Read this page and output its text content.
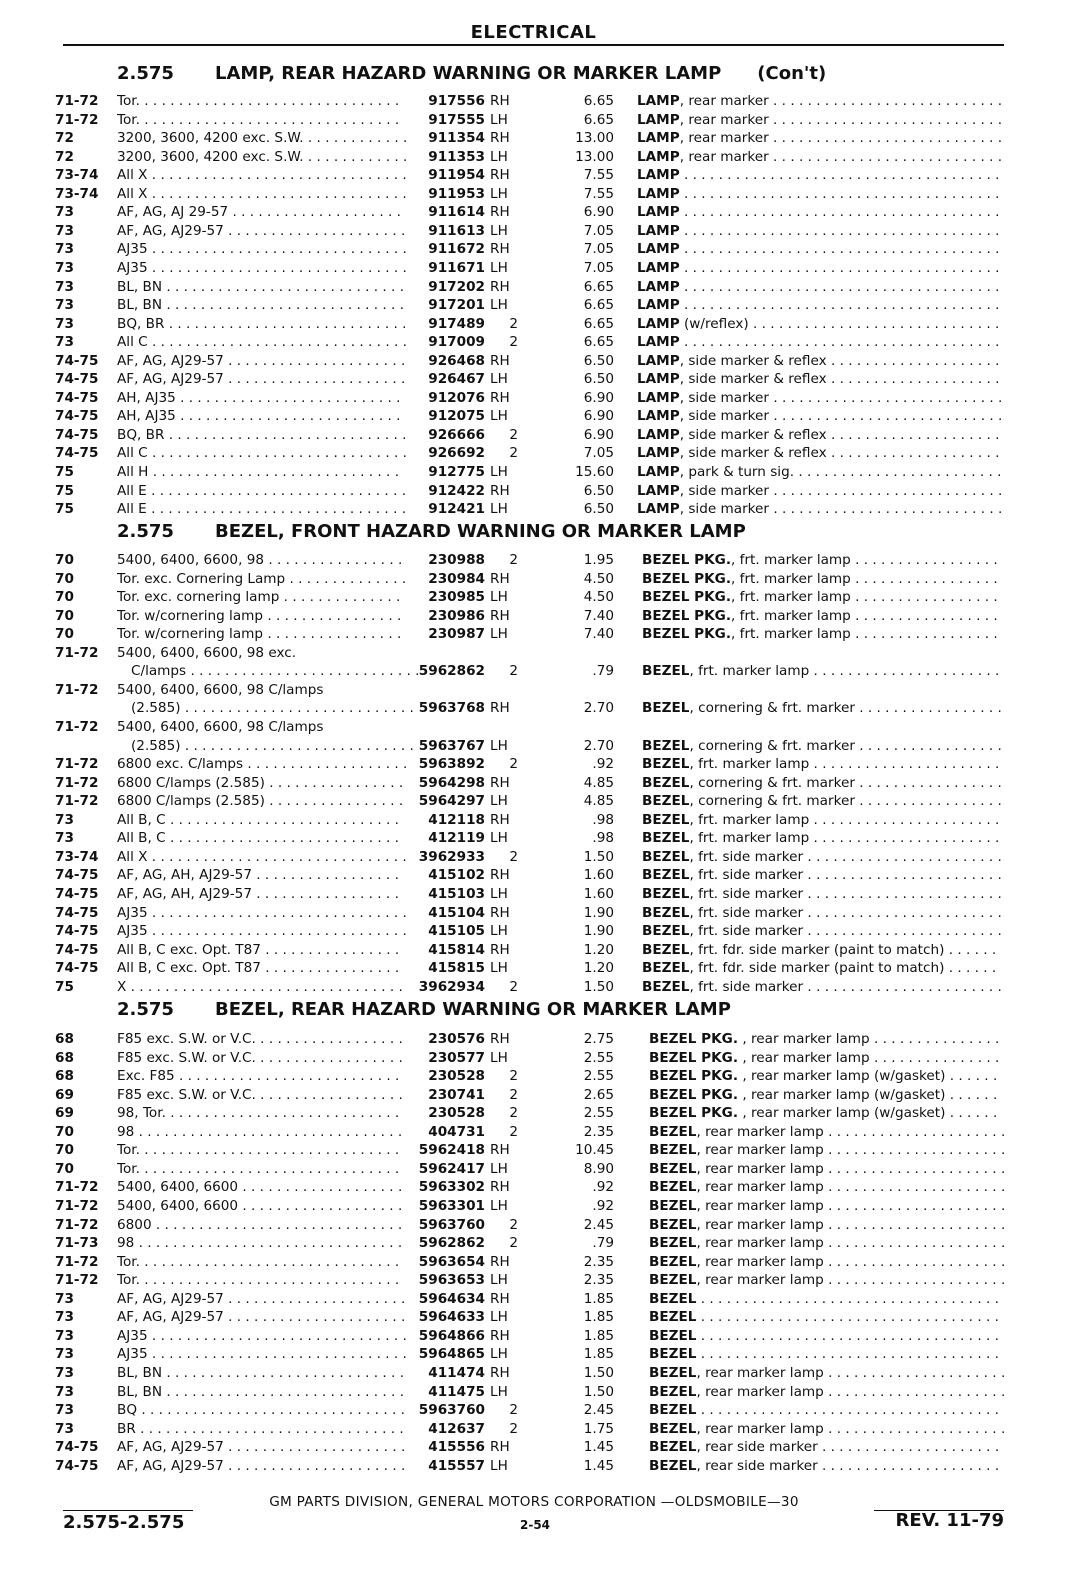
ELECTRICAL
2.575 LAMP, REAR HAZARD WARNING OR MARKER LAMP (Con't)
71-72 Tor. . . . . . . . . . . . . . . . . . . . . . . . . . . . . . .	917556 RH	6.65 LAMP, rear marker . . . . . . . . . . . . . . . . . . . . . . . . . . .
71-72 Tor. . . . . . . . . . . . . . . . . . . . . . . . . . . . . . .	917555 LH	6.65 LAMP, rear marker . . . . . . . . . . . . . . . . . . . . . . . . . . .
72	3200, 3600, 4200 exc. S.W. . . . . . . . . . . . .	911354 RH	13.00 LAMP, rear marker . . . . . . . . . . . . . . . . . . . . . . . . . . .
72	3200, 3600, 4200 exc. S.W. . . . . . . . . . . . .	911353 LH	13.00 LAMP, rear marker . . . . . . . . . . . . . . . . . . . . . . . . . . .
73-74 All X . . . . . . . . . . . . . . . . . . . . . . . . . . . . . .	911954 RH	7.55 LAMP . . . . . . . . . . . . . . . . . . . . . . . . . . . . . . . . . . . . .
73-74 All X . . . . . . . . . . . . . . . . . . . . . . . . . . . . . .	911953 LH	7.55 LAMP . . . . . . . . . . . . . . . . . . . . . . . . . . . . . . . . . . . . .
73	AF, AG, AJ 29-57 . . . . . . . . . . . . . . . . . . . .	911614 RH	6.90 LAMP . . . . . . . . . . . . . . . . . . . . . . . . . . . . . . . . . . . . .
73	AF, AG, AJ29-57 . . . . . . . . . . . . . . . . . . . . .	911613 LH	7.05 LAMP . . . . . . . . . . . . . . . . . . . . . . . . . . . . . . . . . . . . .
73	AJ35 . . . . . . . . . . . . . . . . . . . . . . . . . . . . . .	911672 RH	7.05 LAMP . . . . . . . . . . . . . . . . . . . . . . . . . . . . . . . . . . . . .
73	AJ35 . . . . . . . . . . . . . . . . . . . . . . . . . . . . . .	911671 LH	7.05 LAMP . . . . . . . . . . . . . . . . . . . . . . . . . . . . . . . . . . . . .
73	BL, BN . . . . . . . . . . . . . . . . . . . . . . . . . . . .	917202 RH	6.65 LAMP . . . . . . . . . . . . . . . . . . . . . . . . . . . . . . . . . . . . .
73	BL, BN . . . . . . . . . . . . . . . . . . . . . . . . . . . .	917201 LH	6.65 LAMP . . . . . . . . . . . . . . . . . . . . . . . . . . . . . . . . . . . . .
73	BQ, BR . . . . . . . . . . . . . . . . . . . . . . . . . . . .	917489	2	6.65 LAMP (w/reflex) . . . . . . . . . . . . . . . . . . . . . . . . . . . . .
73	All C . . . . . . . . . . . . . . . . . . . . . . . . . . . . . .	917009	2	6.65 LAMP . . . . . . . . . . . . . . . . . . . . . . . . . . . . . . . . . . . . .
74-75 AF, AG, AJ29-57 . . . . . . . . . . . . . . . . . . . . .	926468 RH	6.50 LAMP, side marker & reflex . . . . . . . . . . . . . . . . . . . .
74-75 AF, AG, AJ29-57 . . . . . . . . . . . . . . . . . . . . .	926467 LH	6.50 LAMP, side marker & reflex . . . . . . . . . . . . . . . . . . . .
74-75 AH, AJ35 . . . . . . . . . . . . . . . . . . . . . . . . . .	912076 RH	6.90 LAMP, side marker . . . . . . . . . . . . . . . . . . . . . . . . . . .
74-75 AH, AJ35 . . . . . . . . . . . . . . . . . . . . . . . . . .	912075 LH	6.90 LAMP, side marker . . . . . . . . . . . . . . . . . . . . . . . . . . .
74-75 BQ, BR . . . . . . . . . . . . . . . . . . . . . . . . . . . .	926666	2	6.90 LAMP, side marker & reflex . . . . . . . . . . . . . . . . . . . .
74-75 All C . . . . . . . . . . . . . . . . . . . . . . . . . . . . . .	926692	2	7.05 LAMP, side marker & reflex . . . . . . . . . . . . . . . . . . . .
75	All H . . . . . . . . . . . . . . . . . . . . . . . . . . . . .	912775 LH	15.60 LAMP, park & turn sig. . . . . . . . . . . . . . . . . . . . . . . . .
75	All E . . . . . . . . . . . . . . . . . . . . . . . . . . . . . .	912422 RH	6.50 LAMP, side marker . . . . . . . . . . . . . . . . . . . . . . . . . . .
75	All E . . . . . . . . . . . . . . . . . . . . . . . . . . . . . .	912421 LH	6.50 LAMP, side marker . . . . . . . . . . . . . . . . . . . . . . . . . . .
2.575 BEZEL, FRONT HAZARD WARNING OR MARKER LAMP
70	5400, 6400, 6600, 98 . . . . . . . . . . . . . . . .	230988	2	1.95 BEZEL PKG., frt. marker lamp . . . . . . . . . . . . . . . . .
70	Tor. exc. Cornering Lamp . . . . . . . . . . . . . .	230984 RH	4.50 BEZEL PKG., frt. marker lamp . . . . . . . . . . . . . . . . .
70	Tor. exc. cornering lamp . . . . . . . . . . . . . .	230985 LH	4.50 BEZEL PKG., frt. marker lamp . . . . . . . . . . . . . . . . .
70	Tor. w/cornering lamp . . . . . . . . . . . . . . . .	230986 RH	7.40 BEZEL PKG., frt. marker lamp . . . . . . . . . . . . . . . . .
70	Tor. w/cornering lamp . . . . . . . . . . . . . . . .	230987 LH	7.40 BEZEL PKG., frt. marker lamp . . . . . . . . . . . . . . . . .
71-72 5400, 6400, 6600, 98 exc.
C/lamps . . . . . . . . . . . . . . . . . . . . . . . . . . . 5962862	2	.79 BEZEL, frt. marker lamp . . . . . . . . . . . . . . . . . . . . . .
71-72 5400, 6400, 6600, 98 C/lamps
(2.585) . . . . . . . . . . . . . . . . . . . . . . . . . . . 5963768 RH	2.70 BEZEL, cornering & frt. marker . . . . . . . . . . . . . . . . .
71-72 5400, 6400, 6600, 98 C/lamps
(2.585) . . . . . . . . . . . . . . . . . . . . . . . . . . . 5963767 LH	2.70 BEZEL, cornering & frt. marker . . . . . . . . . . . . . . . . .
71-72 6800 exc. C/lamps . . . . . . . . . . . . . . . . . . . 5963892	2	.92 BEZEL, frt. marker lamp . . . . . . . . . . . . . . . . . . . . . .
71-72 6800 C/lamps (2.585) . . . . . . . . . . . . . . . .	5964298 RH	4.85 BEZEL, cornering & frt. marker . . . . . . . . . . . . . . . . .
71-72 6800 C/lamps (2.585) . . . . . . . . . . . . . . . .	5964297 LH	4.85 BEZEL, cornering & frt. marker . . . . . . . . . . . . . . . . .
73	All B, C . . . . . . . . . . . . . . . . . . . . . . . . . . .	412118 RH	.98 BEZEL, frt. marker lamp . . . . . . . . . . . . . . . . . . . . . .
73	All B, C . . . . . . . . . . . . . . . . . . . . . . . . . . .	412119 LH	.98 BEZEL, frt. marker lamp . . . . . . . . . . . . . . . . . . . . . .
73-74 All X . . . . . . . . . . . . . . . . . . . . . . . . . . . . . . 3962933	2	1.50 BEZEL, frt. side marker . . . . . . . . . . . . . . . . . . . . . . .
74-75 AF, AG, AH, AJ29-57 . . . . . . . . . . . . . . . . .	415102 RH	1.60 BEZEL, frt. side marker . . . . . . . . . . . . . . . . . . . . . . .
74-75 AF, AG, AH, AJ29-57 . . . . . . . . . . . . . . . . .	415103 LH	1.60 BEZEL, frt. side marker . . . . . . . . . . . . . . . . . . . . . . .
74-75 AJ35 . . . . . . . . . . . . . . . . . . . . . . . . . . . . . .	415104 RH	1.90 BEZEL, frt. side marker . . . . . . . . . . . . . . . . . . . . . . .
74-75 AJ35 . . . . . . . . . . . . . . . . . . . . . . . . . . . . . .	415105 LH	1.90 BEZEL, frt. side marker . . . . . . . . . . . . . . . . . . . . . . .
74-75 All B, C exc. Opt. T87 . . . . . . . . . . . . . . . .	415814 RH	1.20 BEZEL, frt. fdr. side marker (paint to match) . . . . . .
74-75 All B, C exc. Opt. T87 . . . . . . . . . . . . . . . .	415815 LH	1.20 BEZEL, frt. fdr. side marker (paint to match) . . . . . .
75	X . . . . . . . . . . . . . . . . . . . . . . . . . . . . . . . .	3962934	2	1.50 BEZEL, frt. side marker . . . . . . . . . . . . . . . . . . . . . . .
2.575 BEZEL, REAR HAZARD WARNING OR MARKER LAMP
68	F85 exc. S.W. or V.C. . . . . . . . . . . . . . . . . .	230576 RH	2.75	BEZEL PKG. , rear marker lamp . . . . . . . . . . . . . . .
68	F85 exc. S.W. or V.C. . . . . . . . . . . . . . . . . .	230577 LH	2.55	BEZEL PKG. , rear marker lamp . . . . . . . . . . . . . . .
68	Exc. F85 . . . . . . . . . . . . . . . . . . . . . . . . . .	230528	2	2.55	BEZEL PKG. , rear marker lamp (w/gasket) . . . . . .
69	F85 exc. S.W. or V.C. . . . . . . . . . . . . . . . . .	230741	2	2.65	BEZEL PKG. , rear marker lamp (w/gasket) . . . . . .
69	98, Tor. . . . . . . . . . . . . . . . . . . . . . . . . . . .	230528	2	2.55	BEZEL PKG. , rear marker lamp (w/gasket) . . . . . .
70	98 . . . . . . . . . . . . . . . . . . . . . . . . . . . . . . .	404731	2	2.35	BEZEL, rear marker lamp . . . . . . . . . . . . . . . . . . . . .
70	Tor. . . . . . . . . . . . . . . . . . . . . . . . . . . . . . .	5962418 RH	10.45	BEZEL, rear marker lamp . . . . . . . . . . . . . . . . . . . . .
70	Tor. . . . . . . . . . . . . . . . . . . . . . . . . . . . . . .	5962417 LH	8.90	BEZEL, rear marker lamp . . . . . . . . . . . . . . . . . . . . .
71-72 5400, 6400, 6600 . . . . . . . . . . . . . . . . . . .	5963302 RH	.92	BEZEL, rear marker lamp . . . . . . . . . . . . . . . . . . . . .
71-72 5400, 6400, 6600 . . . . . . . . . . . . . . . . . . .	5963301 LH	.92	BEZEL, rear marker lamp . . . . . . . . . . . . . . . . . . . . .
71-72 6800 . . . . . . . . . . . . . . . . . . . . . . . . . . . . .	5963760	2	2.45	BEZEL, rear marker lamp . . . . . . . . . . . . . . . . . . . . .
71-73 98 . . . . . . . . . . . . . . . . . . . . . . . . . . . . . . .	5962862	2	.79	BEZEL, rear marker lamp . . . . . . . . . . . . . . . . . . . . .
71-72 Tor. . . . . . . . . . . . . . . . . . . . . . . . . . . . . . .	5963654 RH	2.35	BEZEL, rear marker lamp . . . . . . . . . . . . . . . . . . . . .
71-72 Tor. . . . . . . . . . . . . . . . . . . . . . . . . . . . . . .	5963653 LH	2.35	BEZEL, rear marker lamp . . . . . . . . . . . . . . . . . . . . .
73	AF, AG, AJ29-57 . . . . . . . . . . . . . . . . . . . . . 5964634 RH	1.85	BEZEL . . . . . . . . . . . . . . . . . . . . . . . . . . . . . . . . . . .
73	AF, AG, AJ29-57 . . . . . . . . . . . . . . . . . . . . . 5964633 LH	1.85	BEZEL . . . . . . . . . . . . . . . . . . . . . . . . . . . . . . . . . . .
73	AJ35 . . . . . . . . . . . . . . . . . . . . . . . . . . . . . . 5964866 RH	1.85	BEZEL . . . . . . . . . . . . . . . . . . . . . . . . . . . . . . . . . . .
73	AJ35 . . . . . . . . . . . . . . . . . . . . . . . . . . . . . . 5964865 LH	1.85	BEZEL . . . . . . . . . . . . . . . . . . . . . . . . . . . . . . . . . . .
73	BL, BN . . . . . . . . . . . . . . . . . . . . . . . . . . . .	411474 RH	1.50	BEZEL, rear marker lamp . . . . . . . . . . . . . . . . . . . . .
73	BL, BN . . . . . . . . . . . . . . . . . . . . . . . . . . . .	411475 LH	1.50	BEZEL, rear marker lamp . . . . . . . . . . . . . . . . . . . . .
73	BQ . . . . . . . . . . . . . . . . . . . . . . . . . . . . . . .	5963760	2	2.45	BEZEL . . . . . . . . . . . . . . . . . . . . . . . . . . . . . . . . . . .
73	BR . . . . . . . . . . . . . . . . . . . . . . . . . . . . . . .	412637	2	1.75	BEZEL, rear marker lamp . . . . . . . . . . . . . . . . . . . . .
74-75 AF, AG, AJ29-57 . . . . . . . . . . . . . . . . . . . . .	415556 RH	1.45	BEZEL, rear side marker . . . . . . . . . . . . . . . . . . . . .
74-75 AF, AG, AJ29-57 . . . . . . . . . . . . . . . . . . . . .	415557 LH	1.45	BEZEL, rear side marker . . . . . . . . . . . . . . . . . . . . .
GM PARTS DIVISION, GENERAL MOTORS CORPORATION —OLDSMOBILE—30
2.575-2.575	2-54	REV. 11-79
